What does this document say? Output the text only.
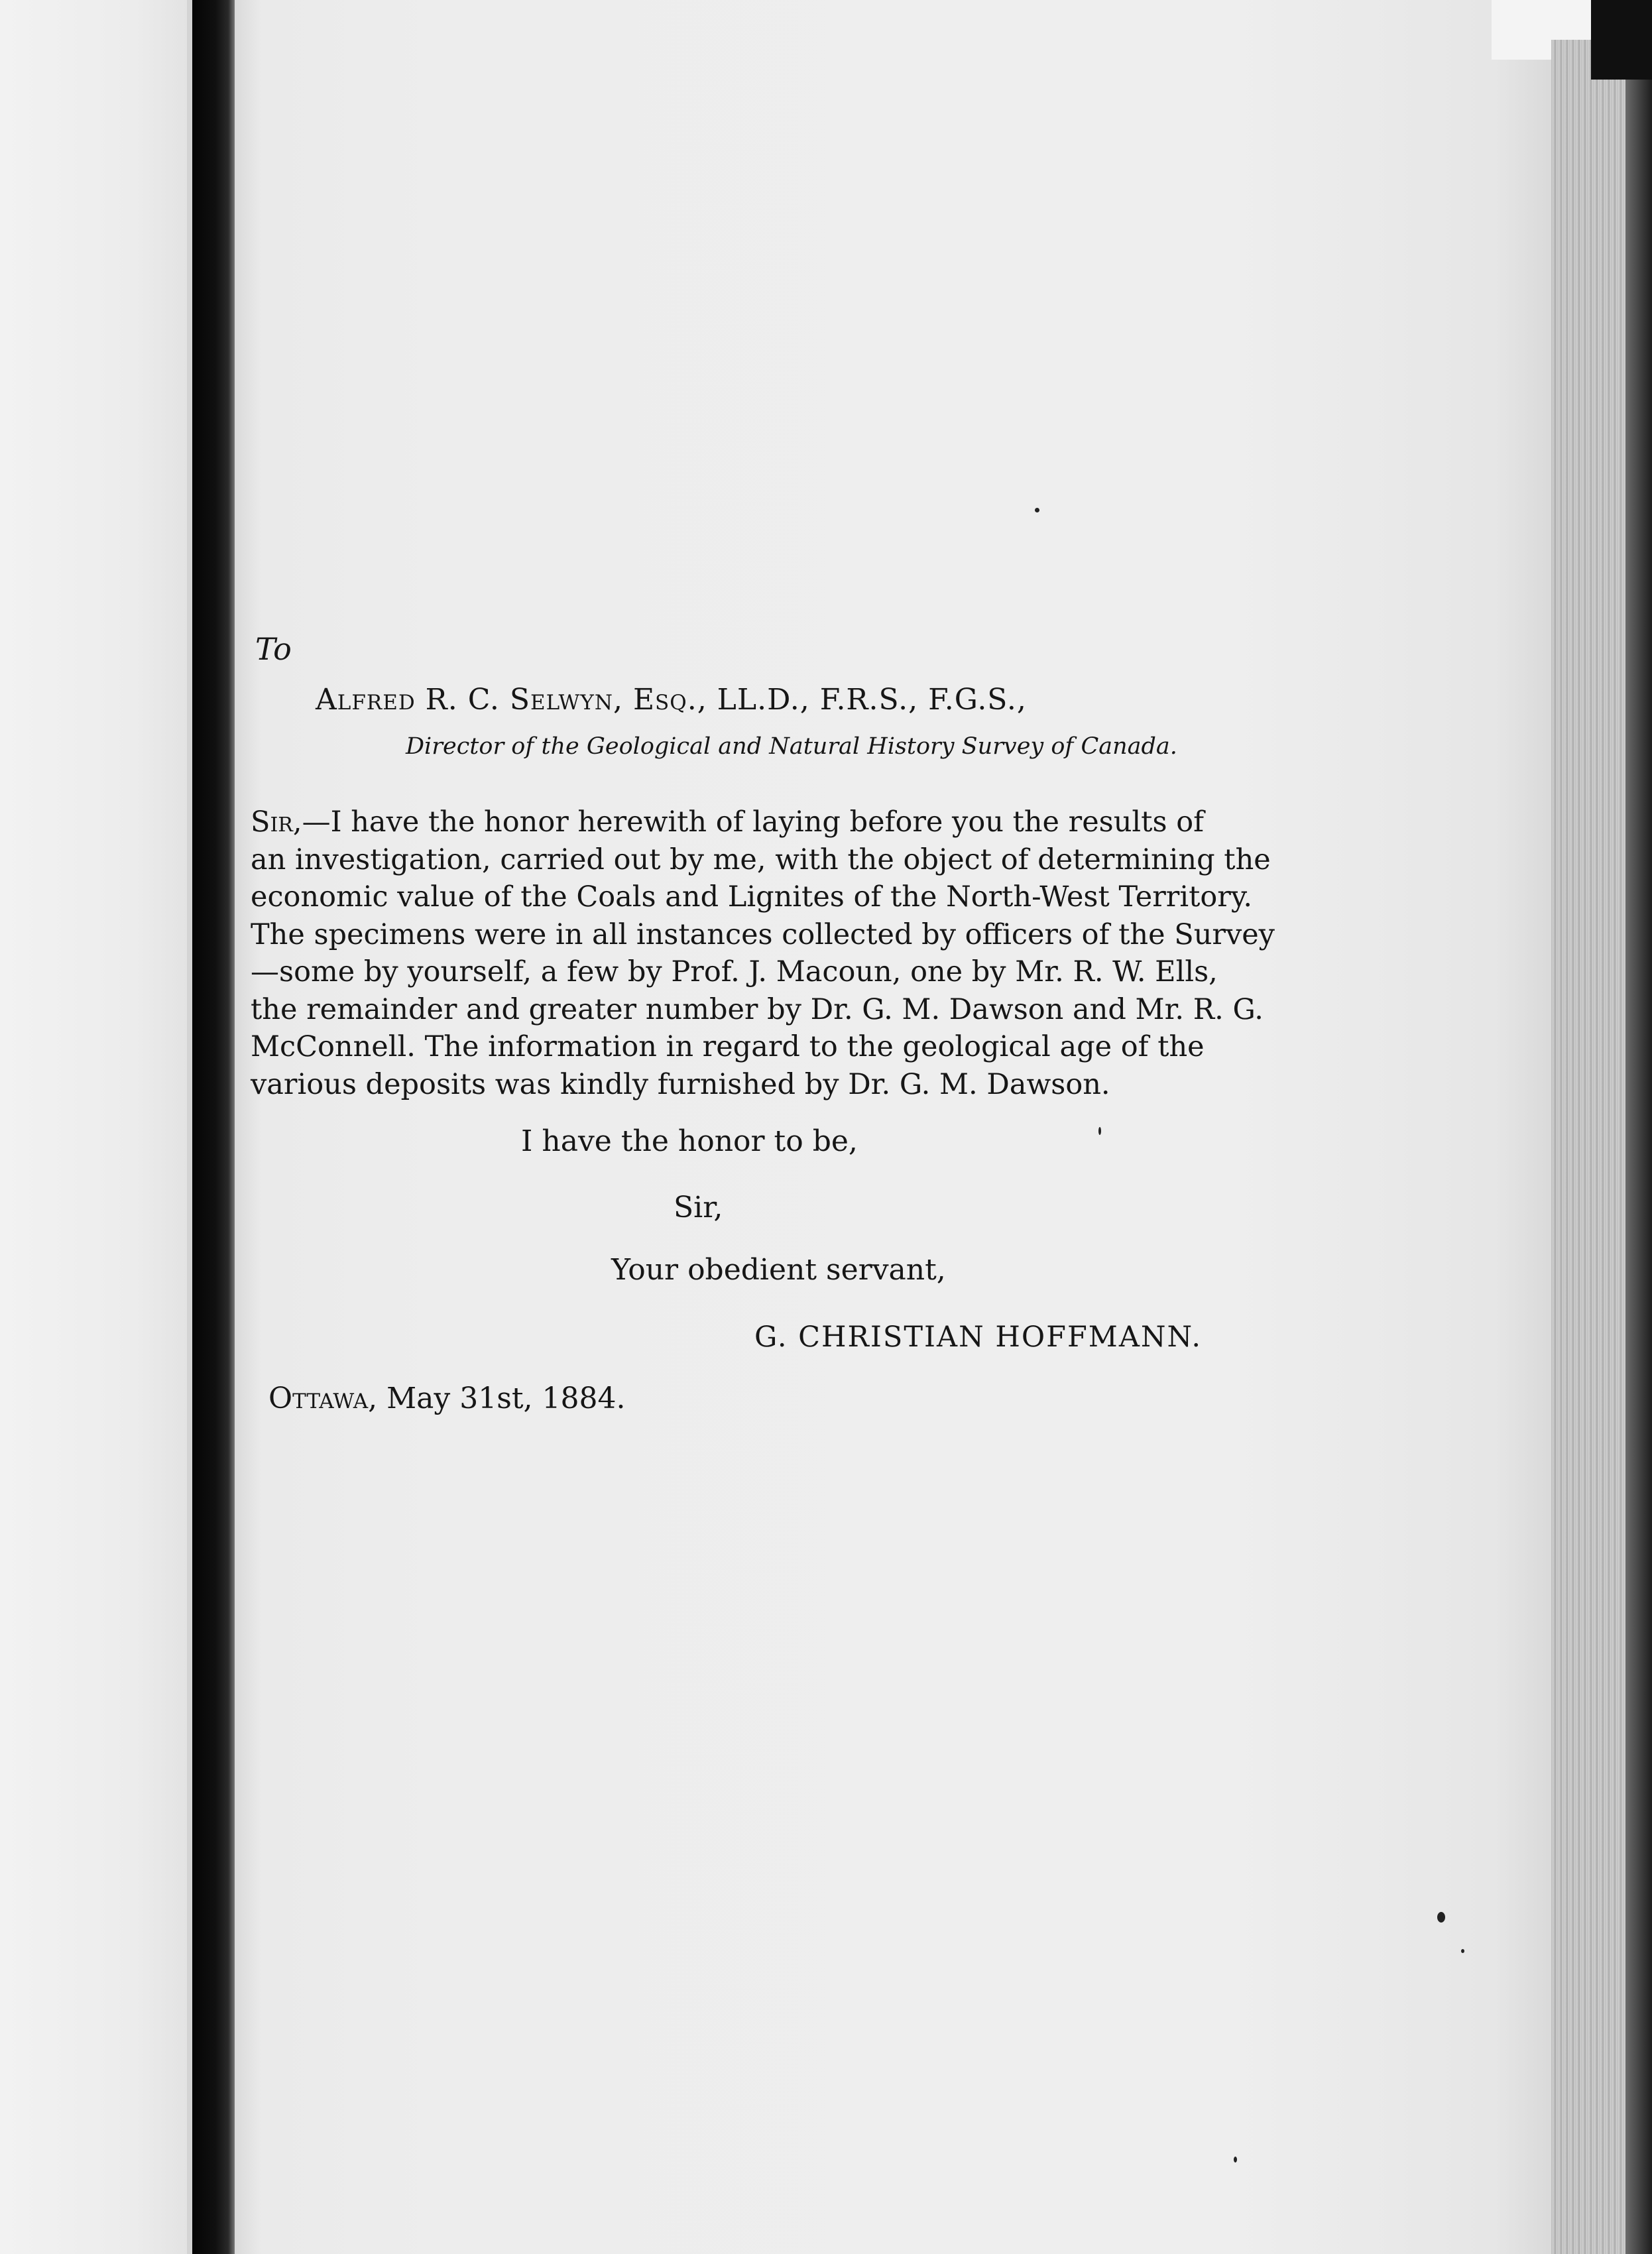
To
Alfred R. C. Selwyn, Esq., LL.D., F.R.S., F.G.S.,
Director of the Geological and Natural History Survey of Canada.
Sir,—I have the honor herewith of laying before you the results of
an investigation, carried out by me, with the object of determining the
economic value of the Coals and Lignites of the North-West Territory.
The specimens were in all instances collected by officers of the Survey
—some by yourself, a few by Prof. J. Macoun, one by Mr. R. W. Ells,
the remainder and greater number by Dr. G. M. Dawson and Mr. R. G.
McConnell. The information in regard to the geological age of the
various deposits was kindly furnished by Dr. G. M. Dawson.
I have the honor to be,
Sir,
Your obedient servant,
G. CHRISTIAN HOFFMANN.
Ottawa, May 31st, 1884.
